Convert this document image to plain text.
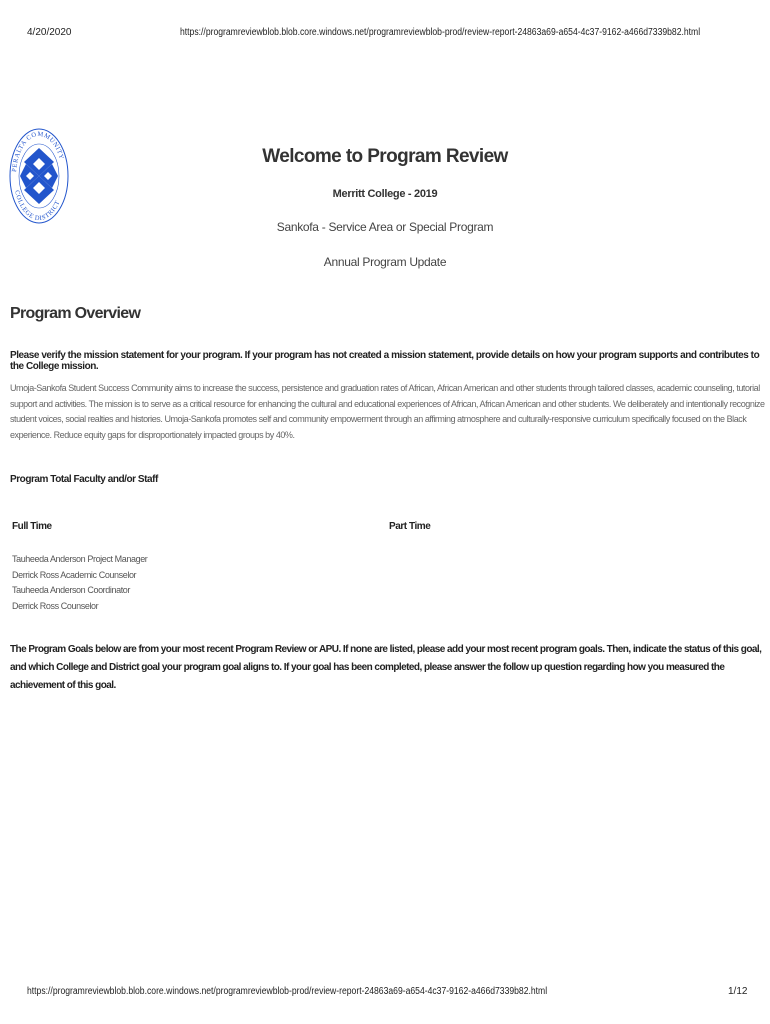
4/20/2020	https://programreviewblob.blob.core.windows.net/programreviewblob-prod/review-report-24863a69-a654-4c37-9162-a466d7339b82.html
PERALTA COMMUNITY
COLLEGE DISTRICT
Welcome to Program Review
Merritt College - 2019
Sankofa - Service Area or Special Program
Annual Program Update
Program Overview
Please verify the mission statement for your program. If your program has not created a mission statement, provide details on how your program supports and contributes to the College mission.
Umoja-Sankofa Student Success Community aims to increase the success, persistence and graduation rates of African, African American and other students through tailored classes, academic counseling, tutorial support and activities. The mission is to serve as a critical resource for enhancing the cultural and educational experiences of African, African American and other students. We deliberately and intentionally recognize student voices, social realties and histories. Umoja-Sankofa promotes self and community empowerment through an affirming atmosphere and culturally-responsive curriculum specifically focused on the Black experience. Reduce equity gaps for disproportionately impacted groups by 40%.
Program Total Faculty and/or Staff
Full Time	Part Time
Tauheeda Anderson Project Manager
Derrick Ross Academic Counselor
Tauheeda Anderson Coordinator
Derrick Ross Counselor
The Program Goals below are from your most recent Program Review or APU. If none are listed, please add your most recent program goals. Then, indicate the status of this goal, and which College and District goal your program goal aligns to. If your goal has been completed, please answer the follow up question regarding how you measured the achievement of this goal.
https://programreviewblob.blob.core.windows.net/programreviewblob-prod/review-report-24863a69-a654-4c37-9162-a466d7339b82.html	1/12
